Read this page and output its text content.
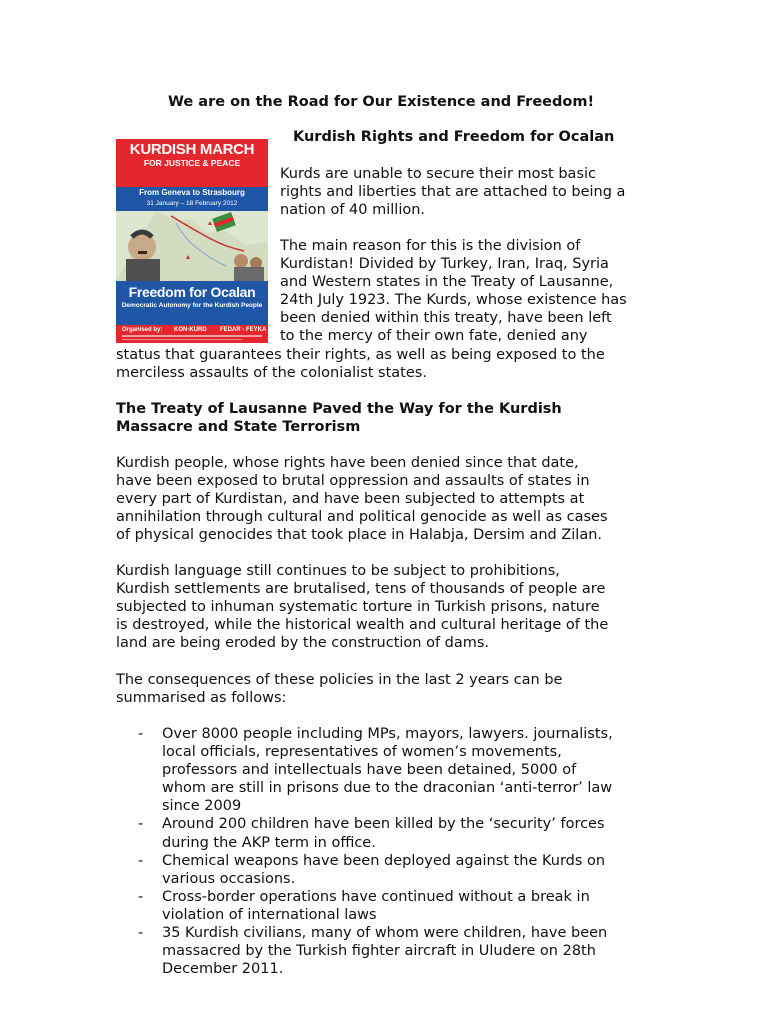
We are on the Road for Our Existence and Freedom!
KURDISH MARCH
FOR JUSTICE & PEACE
From Geneva to Strasbourg
31 January – 18 February 2012
Freedom for Ocalan
Democratic Autonomy for the Kurdish People
Organised by: KON-KURD FEDAR - FEYKA
Kurdish Rights and Freedom for Ocalan

Kurds are unable to secure their most basic
rights and liberties that are attached to being a
nation of 40 million.

The main reason for this is the division of
Kurdistan! Divided by Turkey, Iran, Iraq, Syria
and Western states in the Treaty of Lausanne,
24th July 1923. The Kurds, whose existence has
been denied within this treaty, have been left
to the mercy of their own fate, denied any
status that guarantees their rights, as well as being exposed to the
merciless assaults of the colonialist states.

The Treaty of Lausanne Paved the Way for the Kurdish
Massacre and State Terrorism

Kurdish people, whose rights have been denied since that date,
have been exposed to brutal oppression and assaults of states in
every part of Kurdistan, and have been subjected to attempts at
annihilation through cultural and political genocide as well as cases
of physical genocides that took place in Halabja, Dersim and Zilan.

Kurdish language still continues to be subject to prohibitions,
Kurdish settlements are brutalised, tens of thousands of people are
subjected to inhuman systematic torture in Turkish prisons, nature
is destroyed, while the historical wealth and cultural heritage of the
land are being eroded by the construction of dams.

The consequences of these policies in the last 2 years can be
summarised as follows:

- Over 8000 people including MPs, mayors, lawyers. journalists,
local officials, representatives of women’s movements,
professors and intellectuals have been detained, 5000 of
whom are still in prisons due to the draconian ‘anti-terror’ law
since 2009
- Around 200 children have been killed by the ‘security’ forces
during the AKP term in office.
- Chemical weapons have been deployed against the Kurds on
various occasions.
- Cross-border operations have continued without a break in
violation of international laws
- 35 Kurdish civilians, many of whom were children, have been
massacred by the Turkish fighter aircraft in Uludere on 28th
December 2011.
